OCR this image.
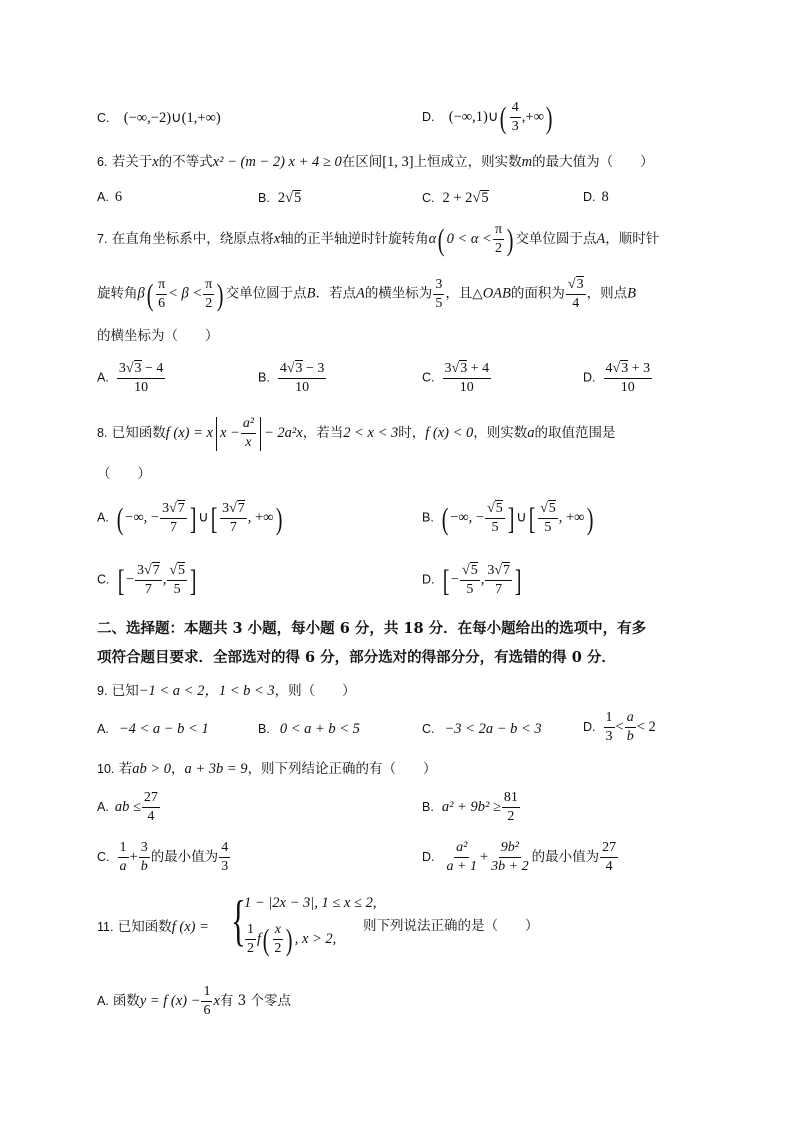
C. (−∞,−2)∪(1,+∞)	D. (−∞,1)∪( $\frac{4}{3}$ ,+∞)
6. 若关于x的不等式x² − (m − 2) x + 4 ≥ 0在区间[1, 3]上恒成立，则实数m的最大值为（　　）
A. 6	B. 2√5	C. 2 + 2√5	D. 8
7. 在直角坐标系中，绕原点将x轴的正半轴逆时针旋转角α( $0 < \alpha < \frac{\pi}{2}$ ) 交单位圆于点A，顺时针
旋转角$\beta( \frac{\pi}{6} < \beta < \frac{\pi}{2}$ ) 交单位圆于点B．若点A的横坐标为 $\frac{3}{5}$ ，且△OAB的面积为 $\frac{√3}{4}$ ，则点B
的横坐标为（　　）
A. $\frac{3√3 - 4}{10}$	B. $\frac{4√3 - 3}{10}$	C. $\frac{3√3 + 4}{10}$	D. $\frac{4√3 + 3}{10}$
8. 已知函数f (x) = x $x - \frac{\text{a²}}{x} - 2a^2x$，若当2 < x < 3时，f (x) < 0，则实数a的取值范围是
（　　）
A. ( −∞, − $\frac{3√7}{7}$ ] ∪[ $\frac{3√7}{7}$ , +∞)	B. ( −∞, − $\frac{√5}{5}$ ] ∪[ $\frac{√5}{5}$ , +∞)
C. [ − $\frac{3√7}{7}$ , $\frac{√5}{5}$ ]	D. [ − $\frac{√5}{5}$ , $\frac{3√7}{7}$ ]
二、选择题：本题共 3 小题，每小题 6 分，共 18 分．在每小题给出的选项中，有多
项符合题目要求．全部选对的得 6 分，部分选对的得部分分，有选错的得 0 分．
9. 已知−1 < a < 2，1 < b < 3，则（　　）
A. −4 < a − b < 1	B. 0 < a + b < 5	C. −3 < 2a − b < 3	D. $\frac{1}{3} < \frac{a}{b} < 2$
10. 若ab > 0，a + 3b = 9，则下列结论正确的有（　　）
A. ab ≤ $\frac{27}{4}$	B. $a^2 + 9b^2 \ge \frac{81}{2}$
C. $\frac{1}{a} + \frac{3}{b}$ 的最小值为 $\frac{4}{3}$	D. $\frac{\text{a²}}{a + 1} + \frac{\text{9b²}}{3b + 2}$ 的最小值为 $\frac{27}{4}$
11. 已知函数f (x) = {
1 − |2x − 3|, 1 ≤ x ≤ 2,
$\frac{1}{2} f( \frac{x}{2}$ ) , x > 2,
则下列说法正确的是（　　）
A. 函数y = f $(x) - \frac{1}{6}$ x有 3 个零点
